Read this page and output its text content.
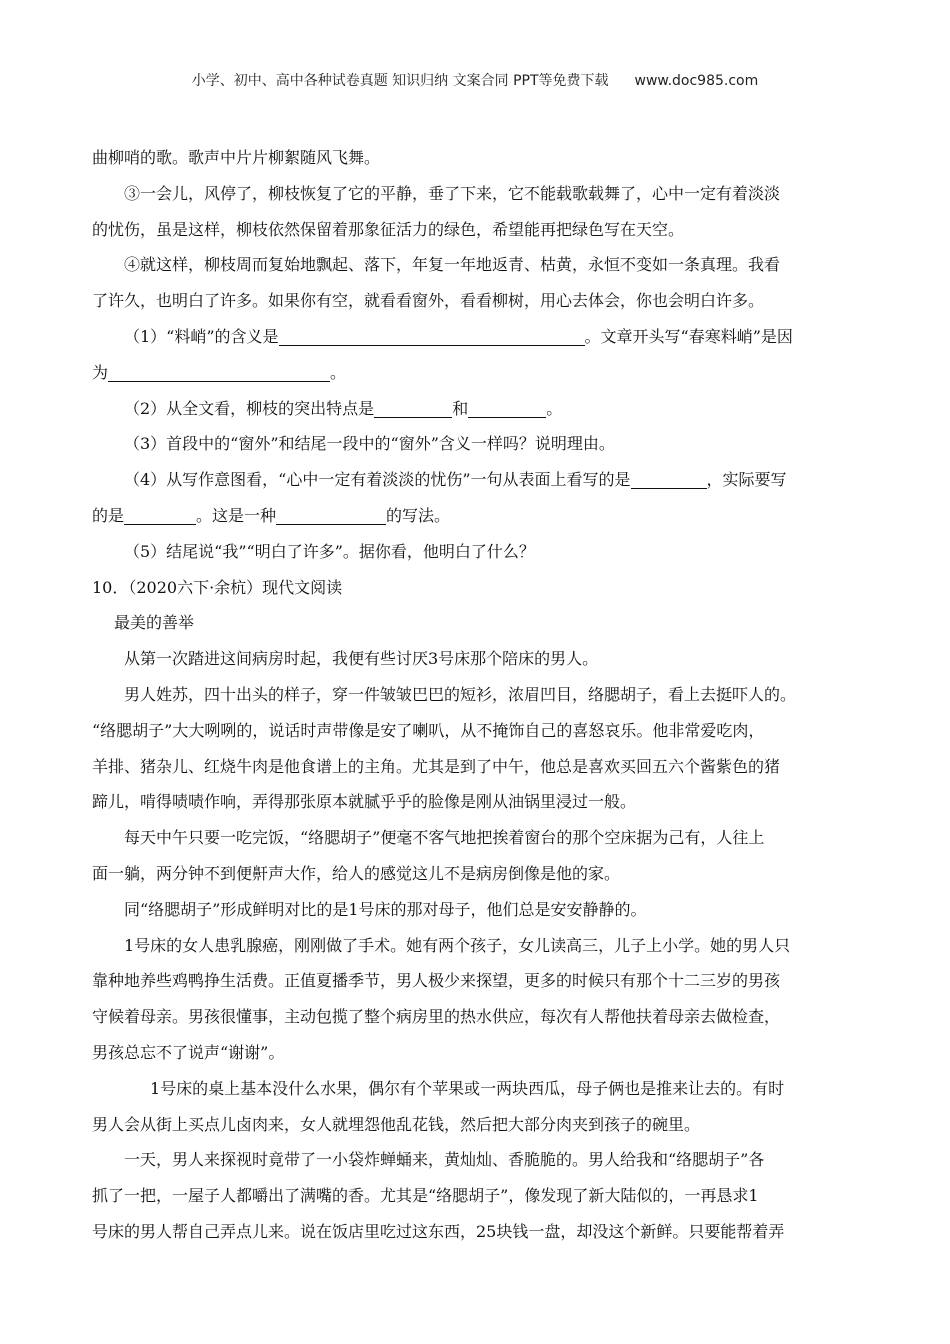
小学、初中、高中各种试卷真题 知识归纳 文案合同 PPT等免费下载 www.doc985.com
曲柳哨的歌。歌声中片片柳絮随风飞舞。
③一会儿，风停了，柳枝恢复了它的平静，垂了下来，它不能载歌载舞了，心中一定有着淡淡
的忧伤，虽是这样，柳枝依然保留着那象征活力的绿色，希望能再把绿色写在天空。
④就这样，柳枝周而复始地飘起、落下，年复一年地返青、枯黄，永恒不变如一条真理。我看
了许久，也明白了许多。如果你有空，就看看窗外，看看柳树，用心去体会，你也会明白许多。
（1）“料峭”的含义是	。文章开头写“春寒料峭”是因
为	。
（2）从全文看，柳枝的突出特点是	和	。
（3）首段中的“窗外”和结尾一段中的“窗外”含义一样吗？说明理由。
（4）从写作意图看，“心中一定有着淡淡的忧伤”一句从表面上看写的是	，实际要写
的是	。这是一种	的写法。
（5）结尾说“我”“明白了许多”。据你看，他明白了什么？
10．（2020六下·余杭）现代文阅读
最美的善举
从第一次踏进这间病房时起，我便有些讨厌3号床那个陪床的男人。
男人姓苏，四十出头的样子，穿一件皱皱巴巴的短衫，浓眉凹目，络腮胡子，看上去挺吓人的。
“络腮胡子”大大咧咧的，说话时声带像是安了喇叭，从不掩饰自己的喜怒哀乐。他非常爱吃肉，
羊排、猪杂儿、红烧牛肉是他食谱上的主角。尤其是到了中午，他总是喜欢买回五六个酱紫色的猪
蹄儿，啃得啧啧作响，弄得那张原本就腻乎乎的脸像是刚从油锅里浸过一般。
每天中午只要一吃完饭，“络腮胡子”便毫不客气地把挨着窗台的那个空床据为己有，人往上
面一躺，两分钟不到便鼾声大作，给人的感觉这儿不是病房倒像是他的家。
同“络腮胡子”形成鲜明对比的是1号床的那对母子，他们总是安安静静的。
1号床的女人患乳腺癌，刚刚做了手术。她有两个孩子，女儿读高三，儿子上小学。她的男人只
靠种地养些鸡鸭挣生活费。正值夏播季节，男人极少来探望，更多的时候只有那个十二三岁的男孩
守候着母亲。男孩很懂事，主动包揽了整个病房里的热水供应，每次有人帮他扶着母亲去做检查，
男孩总忘不了说声“谢谢”。
1号床的桌上基本没什么水果，偶尔有个苹果或一两块西瓜，母子俩也是推来让去的。有时
男人会从街上买点儿卤肉来，女人就埋怨他乱花钱，然后把大部分肉夹到孩子的碗里。
一天，男人来探视时竟带了一小袋炸蝉蛹来，黄灿灿、香脆脆的。男人给我和“络腮胡子”各
抓了一把，一屋子人都嚼出了满嘴的香。尤其是“络腮胡子”，像发现了新大陆似的，一再恳求1
号床的男人帮自己弄点儿来。说在饭店里吃过这东西，25块钱一盘，却没这个新鲜。只要能帮着弄
